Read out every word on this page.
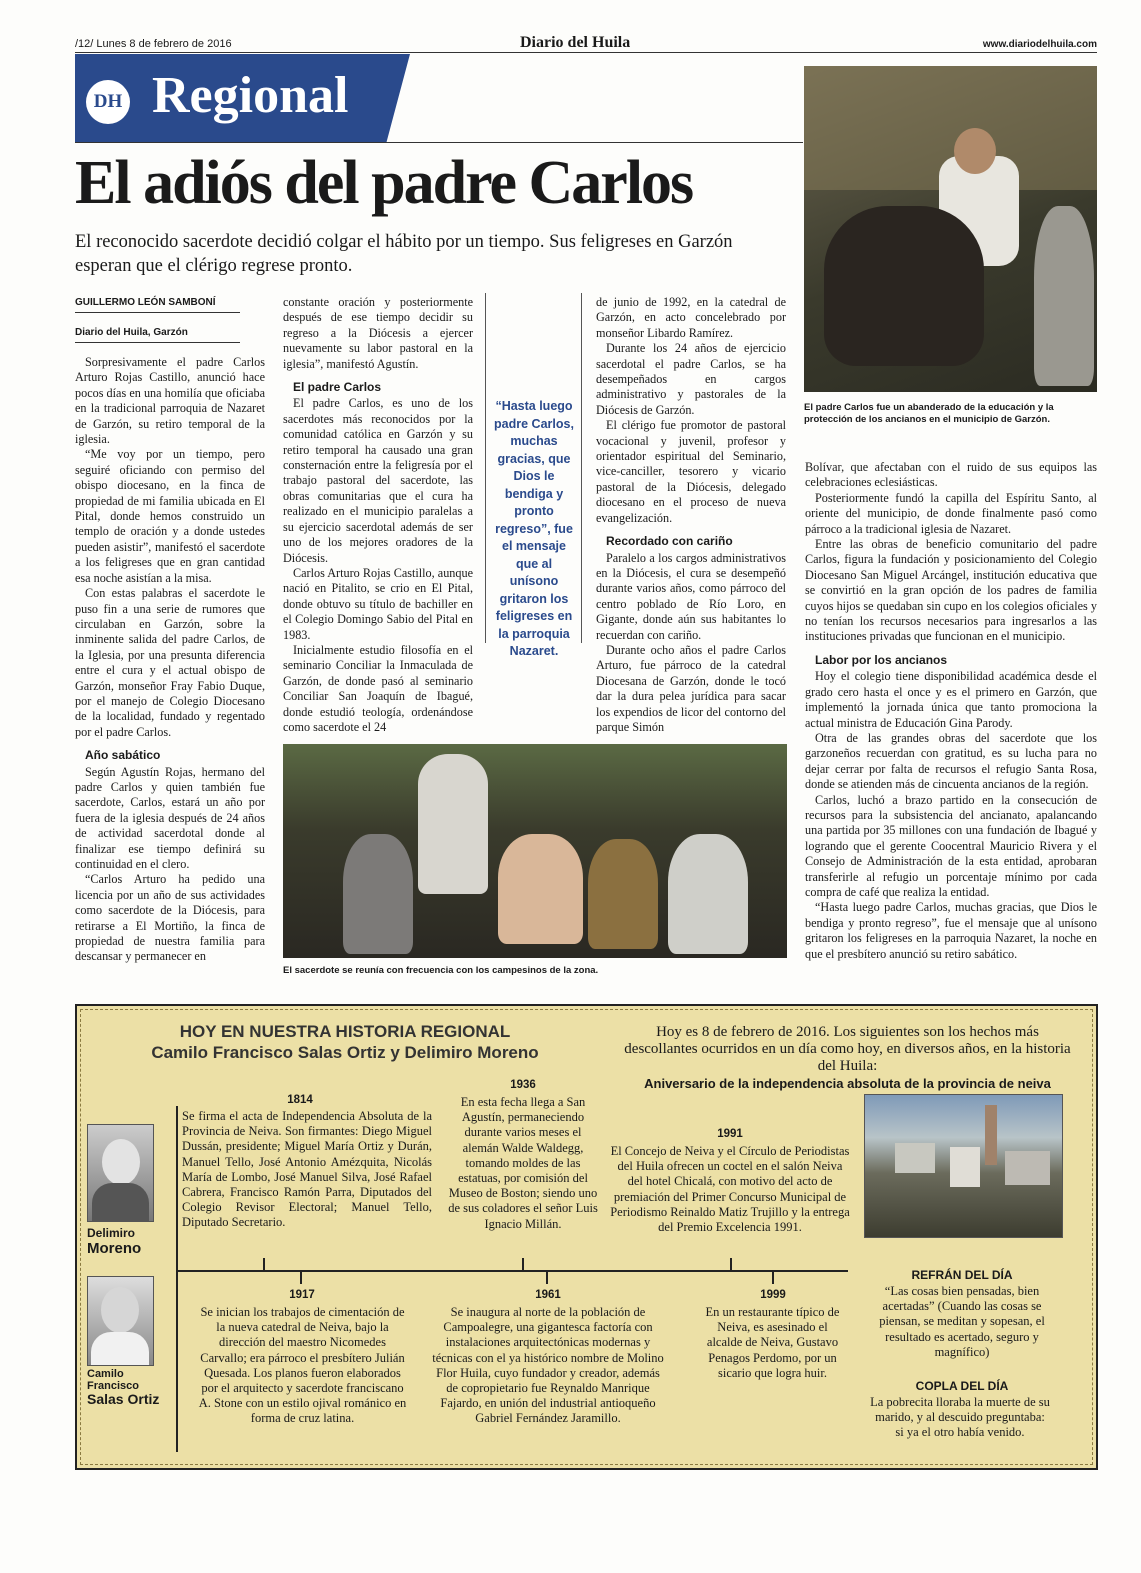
/12/ Lunes 8 de febrero de 2016	Diario del Huila	www.diariodelhuila.com
DH Regional
El adiós del padre Carlos
El reconocido sacerdote decidió colgar el hábito por un tiempo. Sus feligreses en Garzón esperan que el clérigo regrese pronto.
El padre Carlos fue un abanderado de la educación y la protección de los ancianos en el municipio de Garzón.
GUILLERMO LEÓN SAMBONÍ
Diario del Huila, Garzón

Sorpresivamente el padre Carlos Arturo Rojas Castillo, anunció hace pocos días en una homilía que oficiaba en la tradicional parroquia de Nazaret de Garzón, su retiro temporal de la iglesia.

“Me voy por un tiempo, pero seguiré oficiando con permiso del obispo diocesano, en la finca de propiedad de mi familia ubicada en El Pital, donde hemos construido un templo de oración y a donde ustedes pueden asistir”, manifestó el sacerdote a los feligreses que en gran cantidad esa noche asistían a la misa.

Con estas palabras el sacerdote le puso fin a una serie de rumores que circulaban en Garzón, sobre la inminente salida del padre Carlos, de la Iglesia, por una presunta diferencia entre el cura y el actual obispo de Garzón, monseñor Fray Fabio Duque, por el manejo de Colegio Diocesano de la localidad, fundado y regentado por el padre Carlos.

Año sabático

Según Agustín Rojas, hermano del padre Carlos y quien también fue sacerdote, Carlos, estará un año por fuera de la iglesia después de 24 años de actividad sacerdotal donde al finalizar ese tiempo definirá su continuidad en el clero.

“Carlos Arturo ha pedido una licencia por un año de sus actividades como sacerdote de la Diócesis, para retirarse a El Mortiño, la finca de propiedad de nuestra familia para descansar y permanecer en

constante oración y posteriormente después de ese tiempo decidir su regreso a la Diócesis a ejercer nuevamente su labor pastoral en la iglesia”, manifestó Agustín.

El padre Carlos

El padre Carlos, es uno de los sacerdotes más reconocidos por la comunidad católica en Garzón y su retiro temporal ha causado una gran consternación entre la feligresía por el trabajo pastoral del sacerdote, las obras comunitarias que el cura ha realizado en el municipio paralelas a su ejercicio sacerdotal además de ser uno de los mejores oradores de la Diócesis.

Carlos Arturo Rojas Castillo, aunque nació en Pitalito, se crio en El Pital, donde obtuvo su título de bachiller en el Colegio Domingo Sabio del Pital en 1983.

Inicialmente estudio filosofía en el seminario Conciliar la Inmaculada de Garzón, de donde pasó al seminario Conciliar San Joaquín de Ibagué, donde estudió teología, ordenándose como sacerdote el 24

“Hasta luego padre Carlos, muchas gracias, que Dios le bendiga y pronto regreso”, fue el mensaje que al unísono gritaron los feligreses en la parroquia Nazaret.

de junio de 1992, en la catedral de Garzón, en acto concelebrado por monseñor Libardo Ramírez.

Durante los 24 años de ejercicio sacerdotal el padre Carlos, se ha desempeñados en cargos administrativo y pastorales de la Diócesis de Garzón.

El clérigo fue promotor de pastoral vocacional y juvenil, profesor y orientador espiritual del Seminario, vice-canciller, tesorero y vicario pastoral de la Diócesis, delegado diocesano en el proceso de nueva evangelización.

Recordado con cariño

Paralelo a los cargos administrativos en la Diócesis, el cura se desempeñó durante varios años, como párroco del centro poblado de Río Loro, en Gigante, donde aún sus habitantes lo recuerdan con cariño.

Durante ocho años el padre Carlos Arturo, fue párroco de la catedral Diocesana de Garzón, donde le tocó dar la dura pelea jurídica para sacar los expendios de licor del contorno del parque Simón

El sacerdote se reunía con frecuencia con los campesinos de la zona.

Bolívar, que afectaban con el ruido de sus equipos las celebraciones eclesiásticas.

Posteriormente fundó la capilla del Espíritu Santo, al oriente del municipio, de donde finalmente pasó como párroco a la tradicional iglesia de Nazaret.

Entre las obras de beneficio comunitario del padre Carlos, figura la fundación y posicionamiento del Colegio Diocesano San Miguel Arcángel, institución educativa que se convirtió en la gran opción de los padres de familia cuyos hijos se quedaban sin cupo en los colegios oficiales y no tenían los recursos necesarios para ingresarlos a las instituciones privadas que funcionan en el municipio.

Labor por los ancianos

Hoy el colegio tiene disponibilidad académica desde el grado cero hasta el once y es el primero en Garzón, que implementó la jornada única que tanto promociona la actual ministra de Educación Gina Parody.

Otra de las grandes obras del sacerdote que los garzoneños recuerdan con gratitud, es su lucha para no dejar cerrar por falta de recursos el refugio Santa Rosa, donde se atienden más de cincuenta ancianos de la región.

Carlos, luchó a brazo partido en la consecución de recursos para la subsistencia del ancianato, apalancando una partida por 35 millones con una fundación de Ibagué y logrando que el gerente Coocentral Mauricio Rivera y el Consejo de Administración de la esta entidad, aprobaran transferirle al refugio un porcentaje mínimo por cada compra de café que realiza la entidad.

“Hasta luego padre Carlos, muchas gracias, que Dios le bendiga y pronto regreso”, fue el mensaje que al unísono gritaron los feligreses en la parroquia Nazaret, la noche en que el presbítero anunció su retiro sabático.

HOY EN NUESTRA HISTORIA REGIONAL
Camilo Francisco Salas Ortiz y Delimiro Moreno
Hoy es 8 de febrero de 2016. Los siguientes son los hechos más descollantes ocurridos en un día como hoy, en diversos años, en la historia del Huila:
Aniversario de la independencia absoluta de la provincia de neiva
Delimiro
Moreno
Camilo
Francisco
Salas Ortiz
1814
Se firma el acta de Independencia Absoluta de la Provincia de Neiva. Son firmantes: Diego Miguel Dussán, presidente; Miguel María Ortiz y Durán, Manuel Tello, José Antonio Amézquita, Nicolás María de Lombo, José Manuel Silva, José Rafael Cabrera, Francisco Ramón Parra, Diputados del Colegio Revisor Electoral; Manuel Tello, Diputado Secretario.
1936
En esta fecha llega a San Agustín, permaneciendo durante varios meses el alemán Walde Waldegg, tomando moldes de las estatuas, por comisión del Museo de Boston; siendo uno de sus coladores el señor Luis Ignacio Millán.
1991
El Concejo de Neiva y el Círculo de Periodistas del Huila ofrecen un coctel en el salón Neiva del hotel Chicalá, con motivo del acto de premiación del Primer Concurso Municipal de Periodismo Reinaldo Matiz Trujillo y la entrega del Premio Excelencia 1991.
1917
Se inician los trabajos de cimentación de la nueva catedral de Neiva, bajo la dirección del maestro Nicomedes Carvallo; era párroco el presbítero Julián Quesada. Los planos fueron elaborados por el arquitecto y sacerdote franciscano A. Stone con un estilo ojival románico en forma de cruz latina.
1961
Se inaugura al norte de la población de Campoalegre, una gigantesca factoría con instalaciones arquitectónicas modernas y técnicas con el ya histórico nombre de Molino Flor Huila, cuyo fundador y creador, además de copropietario fue Reynaldo Manrique Fajardo, en unión del industrial antioqueño Gabriel Fernández Jaramillo.
1999
En un restaurante típico de Neiva, es asesinado el alcalde de Neiva, Gustavo Penagos Perdomo, por un sicario que logra huir.
REFRÁN DEL DÍA
“Las cosas bien pensadas, bien acertadas” (Cuando las cosas se piensan, se meditan y sopesan, el resultado es acertado, seguro y magnífico)
COPLA DEL DÍA
La pobrecita lloraba la muerte de su marido, y al descuido preguntaba: si ya el otro había venido.
